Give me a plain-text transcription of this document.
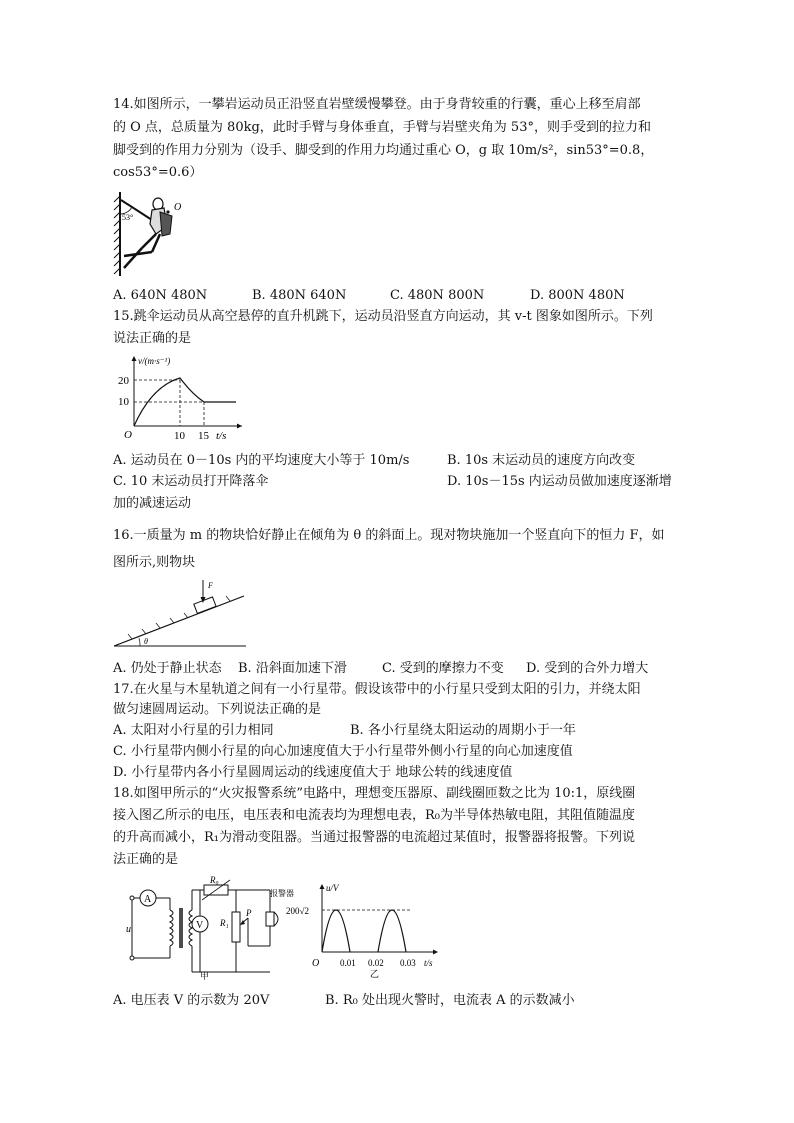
14.如图所示，一攀岩运动员正沿竖直岩壁缓慢攀登。由于身背较重的行囊，重心上移至肩部
的 O 点，总质量为 80kg，此时手臂与身体垂直，手臂与岩壁夹角为 53°，则手受到的拉力和
脚受到的作用力分别为（设手、脚受到的作用力均通过重心 O，g 取 10m/s²，sin53°=0.8，
cos53°=0.6）
53°
O
A. 640N 480N	B. 480N 640N	C. 480N 800N	D. 800N 480N
15.跳伞运动员从高空悬停的直升机跳下，运动员沿竖直方向运动，其 v-t 图象如图所示。下列
说法正确的是
v/(m·s⁻¹)
20
10
O	10 15 t/s
A. 运动员在 0－10s 内的平均速度大小等于 10m/s	B. 10s 末运动员的速度方向改变
C. 10 末运动员打开降落伞	D. 10s－15s 内运动员做加速度逐渐增
加的减速运动
16.一质量为 m 的物块恰好静止在倾角为 θ 的斜面上。现对物块施加一个竖直向下的恒力 F，如
图所示,则物块
θ
F
A. 仍处于静止状态 B. 沿斜面加速下滑	C. 受到的摩擦力不变 D. 受到的合外力增大
17.在火星与木星轨道之间有一小行星带。假设该带中的小行星只受到太阳的引力，并绕太阳
做匀速圆周运动。下列说法正确的是
A. 太阳对小行星的引力相同	B. 各小行星绕太阳运动的周期小于一年
C. 小行星带内侧小行星的向心加速度值大于小行星带外侧小行星的向心加速度值
D. 小行星带内各小行星圆周运动的线速度值大于 地球公转的线速度值
18.如图甲所示的“火灾报警系统”电路中，理想变压器原、副线圈匝数之比为 10:1，原线圈
接入图乙所示的电压，电压表和电流表均为理想电表，R₀为半导体热敏电阻，其阻值随温度
的升高而减小，R₁为滑动变阻器。当通过报警器的电流超过某值时，报警器将报警。下列说
法正确的是
u
A
R₀
V R₁
P
报警器
甲
u/V
200√2
O 0.01 0.02 0.03 t/s
乙
A. 电压表 V 的示数为 20V	B. R₀ 处出现火警时，电流表 A 的示数减小
